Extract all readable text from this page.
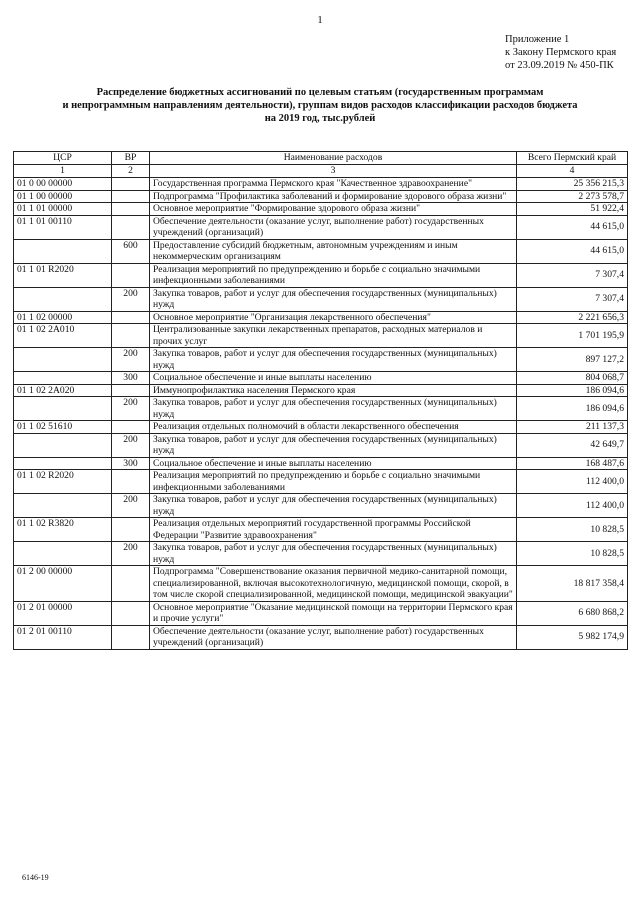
1
Приложение 1
к Закону Пермского края
от 23.09.2019 № 450-ПК
Распределение бюджетных ассигнований по целевым статьям (государственным программам
и непрограммным направлениям деятельности), группам видов расходов классификации расходов бюджета
на 2019 год, тыс.рублей
ЦСР	ВР	Наименование расходов	Всего Пермский край
1	2	3	4
01 0 00 00000		Государственная программа Пермского края "Качественное здравоохранение"	25 356 215,3
01 1 00 00000		Подпрограмма "Профилактика заболеваний и формирование здорового образа жизни"	2 273 578,7
01 1 01 00000		Основное мероприятие "Формирование здорового образа жизни"	51 922,4
01 1 01 00110		Обеспечение деятельности (оказание услуг, выполнение работ) государственных учреждений (организаций)	44 615,0
	600	Предоставление субсидий бюджетным, автономным учреждениям и иным некоммерческим организациям	44 615,0
01 1 01 R2020		Реализация мероприятий по предупреждению и борьбе с социально значимыми инфекционными заболеваниями	7 307,4
	200	Закупка товаров, работ и услуг для обеспечения государственных (муниципальных) нужд	7 307,4
01 1 02 00000		Основное мероприятие "Организация лекарственного обеспечения"	2 221 656,3
01 1 02 2А010		Централизованные закупки лекарственных препаратов, расходных материалов и прочих услуг	1 701 195,9
	200	Закупка товаров, работ и услуг для обеспечения государственных (муниципальных) нужд	897 127,2
	300	Социальное обеспечение и иные выплаты населению	804 068,7
01 1 02 2А020		Иммунопрофилактика населения Пермского края	186 094,6
	200	Закупка товаров, работ и услуг для обеспечения государственных (муниципальных) нужд	186 094,6
01 1 02 51610		Реализация отдельных полномочий в области лекарственного обеспечения	211 137,3
	200	Закупка товаров, работ и услуг для обеспечения государственных (муниципальных) нужд	42 649,7
	300	Социальное обеспечение и иные выплаты населению	168 487,6
01 1 02 R2020		Реализация мероприятий по предупреждению и борьбе с социально значимыми инфекционными заболеваниями	112 400,0
	200	Закупка товаров, работ и услуг для обеспечения государственных (муниципальных) нужд	112 400,0
01 1 02 R3820		Реализация отдельных мероприятий государственной программы Российской Федерации "Развитие здравоохранения"	10 828,5
	200	Закупка товаров, работ и услуг для обеспечения государственных (муниципальных) нужд	10 828,5
01 2 00 00000		Подпрограмма "Совершенствование оказания первичной медико-санитарной помощи, специализированной, включая высокотехнологичную, медицинской помощи, скорой, в том числе скорой специализированной, медицинской помощи, медицинской эвакуации"	18 817 358,4
01 2 01 00000		Основное мероприятие "Оказание медицинской помощи на территории Пермского края и прочие услуги"	6 680 868,2
01 2 01 00110		Обеспечение деятельности (оказание услуг, выполнение работ) государственных учреждений (организаций)	5 982 174,9
6146-19
